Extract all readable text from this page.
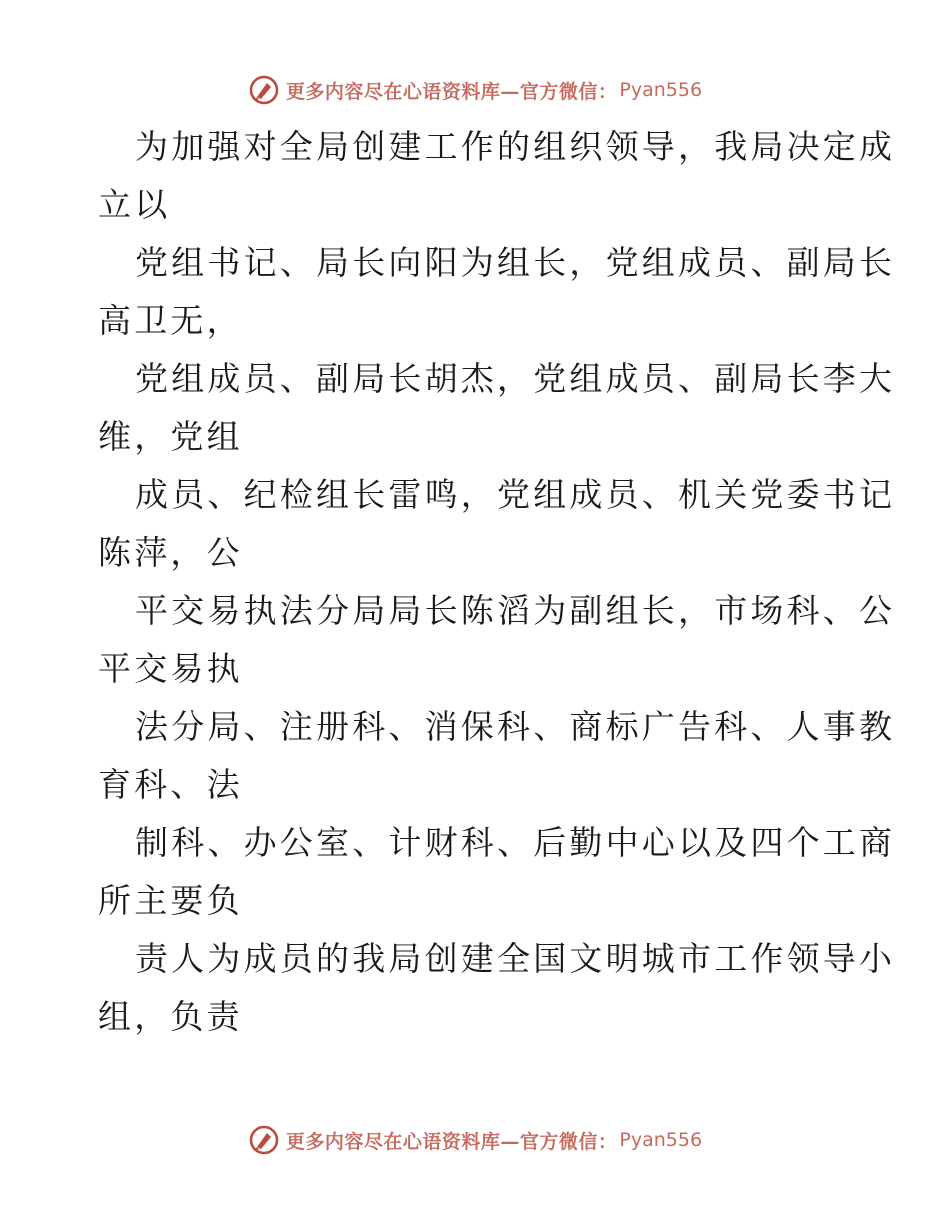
更多内容尽在心语资料库—官方微信： Pyan556
为加强对全局创建工作的组织领导，我局决定成
立以
党组书记、局长向阳为组长，党组成员、副局长
高卫无，
党组成员、副局长胡杰，党组成员、副局长李大
维，党组
成员、纪检组长雷鸣，党组成员、机关党委书记
陈萍，公
平交易执法分局局长陈滔为副组长，市场科、公
平交易执
法分局、注册科、消保科、商标广告科、人事教
育科、法
制科、办公室、计财科、后勤中心以及四个工商
所主要负
责人为成员的我局创建全国文明城市工作领导小
组，负责
更多内容尽在心语资料库—官方微信： Pyan556
